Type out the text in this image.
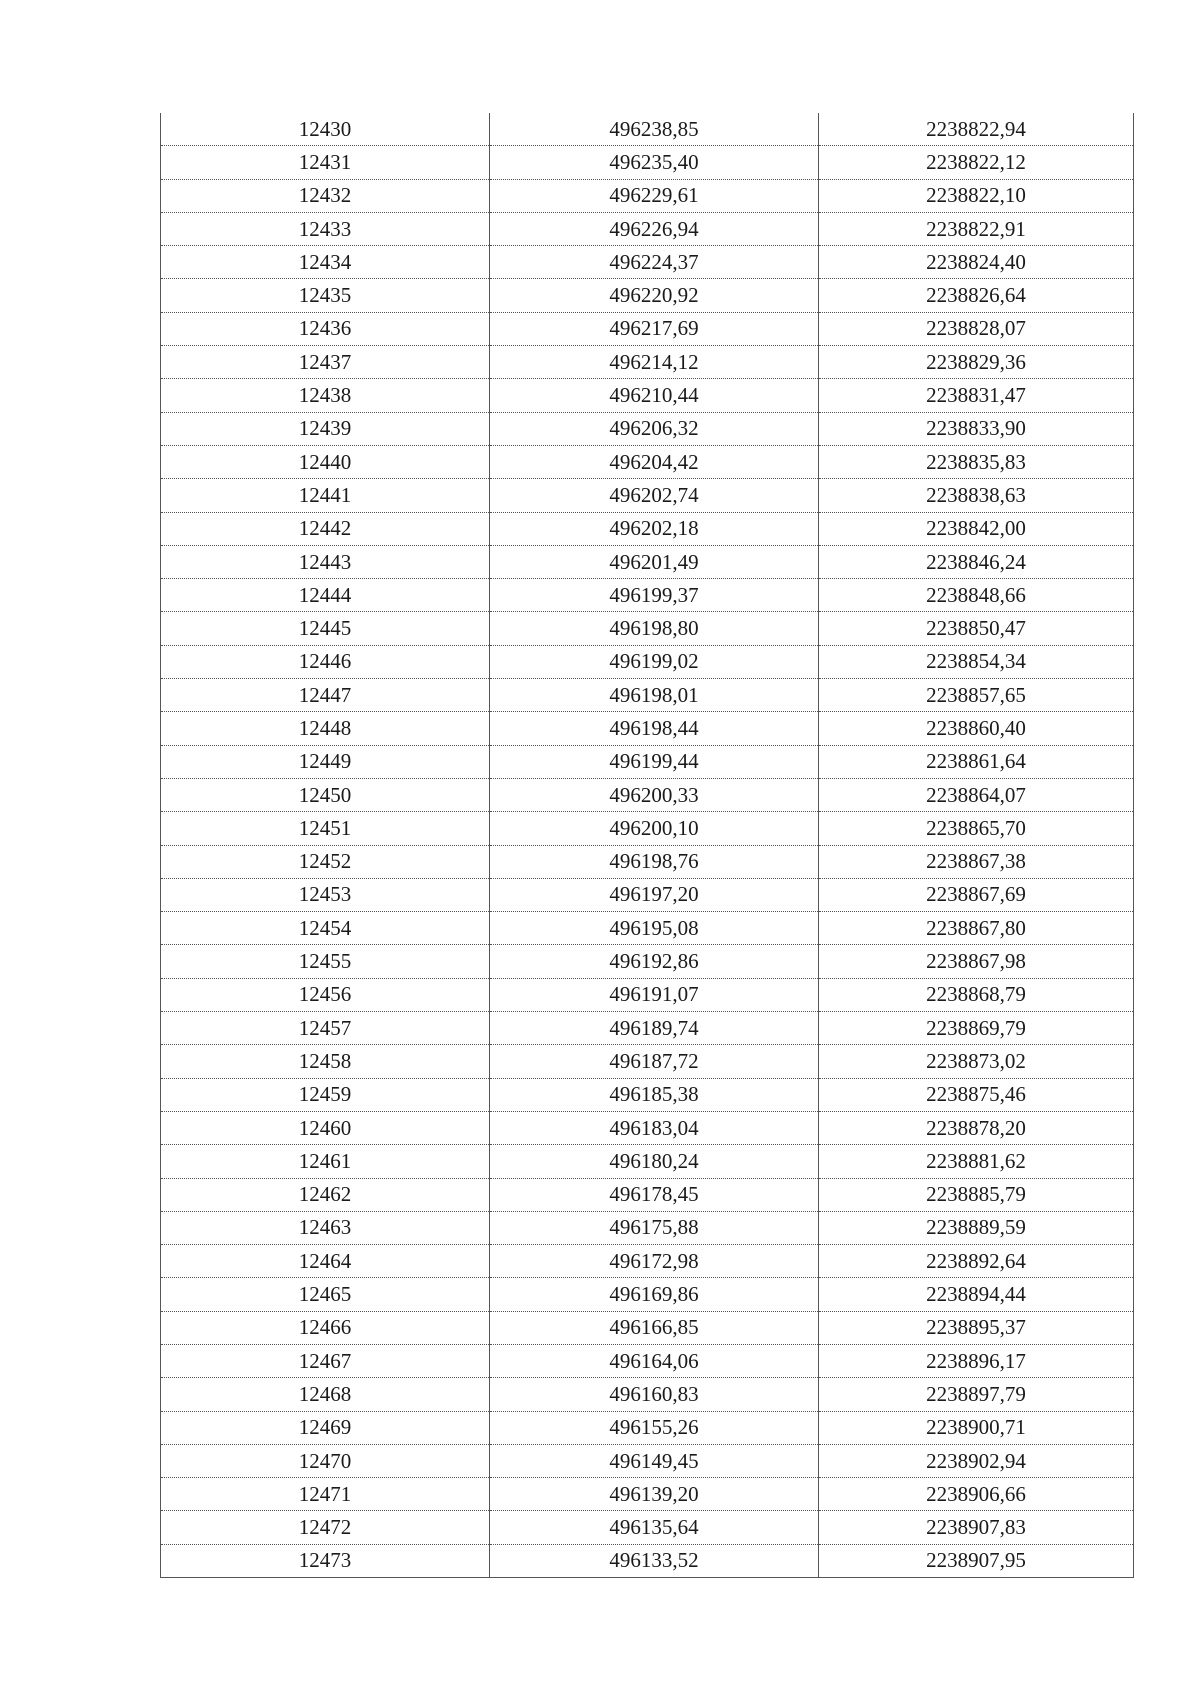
12430	496238,85	2238822,94
12431	496235,40	2238822,12
12432	496229,61	2238822,10
12433	496226,94	2238822,91
12434	496224,37	2238824,40
12435	496220,92	2238826,64
12436	496217,69	2238828,07
12437	496214,12	2238829,36
12438	496210,44	2238831,47
12439	496206,32	2238833,90
12440	496204,42	2238835,83
12441	496202,74	2238838,63
12442	496202,18	2238842,00
12443	496201,49	2238846,24
12444	496199,37	2238848,66
12445	496198,80	2238850,47
12446	496199,02	2238854,34
12447	496198,01	2238857,65
12448	496198,44	2238860,40
12449	496199,44	2238861,64
12450	496200,33	2238864,07
12451	496200,10	2238865,70
12452	496198,76	2238867,38
12453	496197,20	2238867,69
12454	496195,08	2238867,80
12455	496192,86	2238867,98
12456	496191,07	2238868,79
12457	496189,74	2238869,79
12458	496187,72	2238873,02
12459	496185,38	2238875,46
12460	496183,04	2238878,20
12461	496180,24	2238881,62
12462	496178,45	2238885,79
12463	496175,88	2238889,59
12464	496172,98	2238892,64
12465	496169,86	2238894,44
12466	496166,85	2238895,37
12467	496164,06	2238896,17
12468	496160,83	2238897,79
12469	496155,26	2238900,71
12470	496149,45	2238902,94
12471	496139,20	2238906,66
12472	496135,64	2238907,83
12473	496133,52	2238907,95
